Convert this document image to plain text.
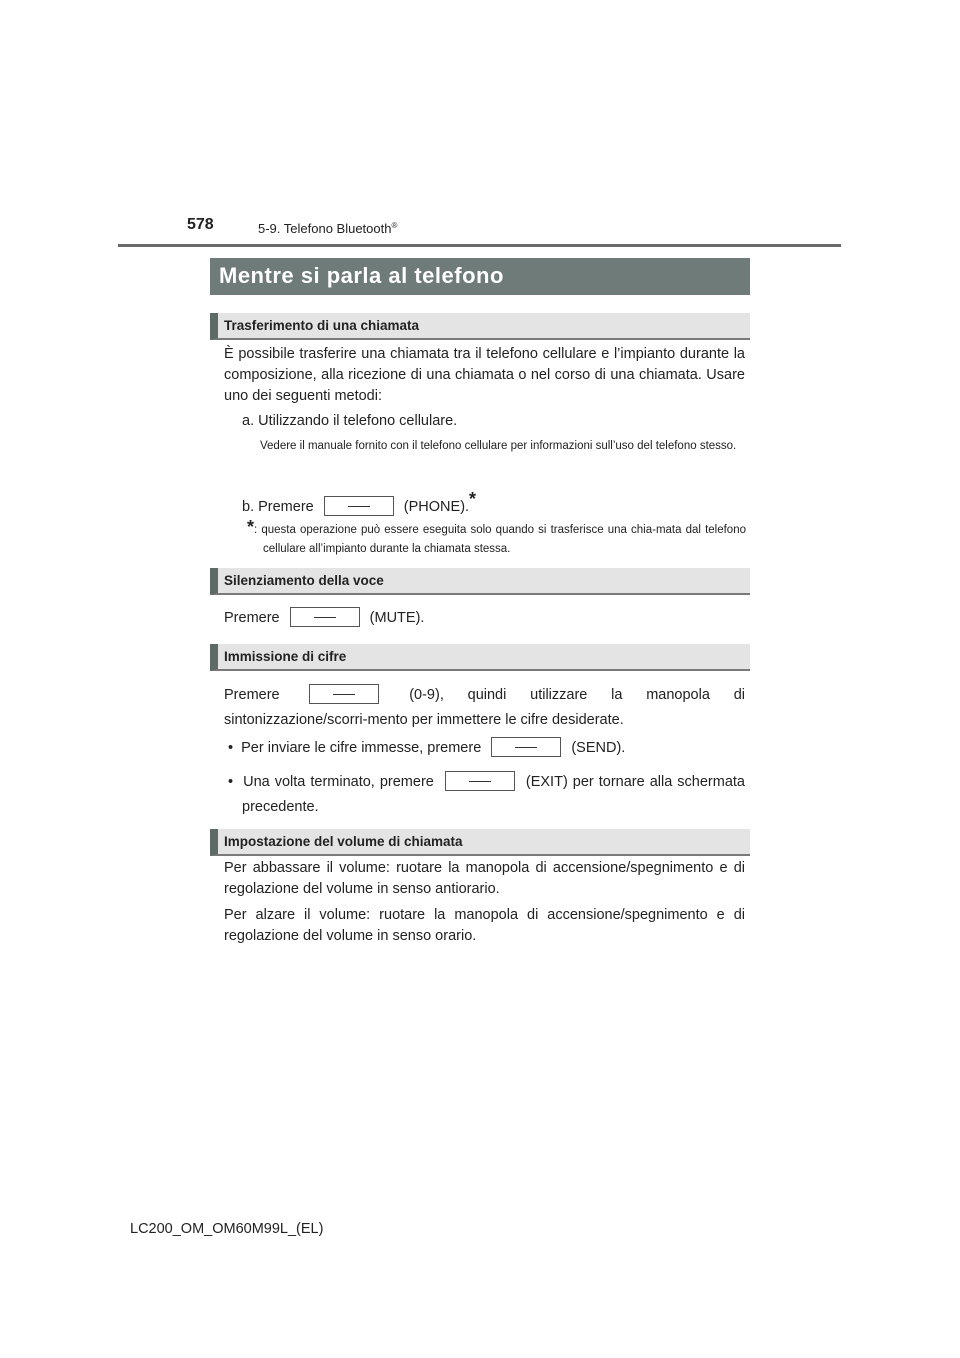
578	5-9. Telefono Bluetooth®
Mentre si parla al telefono
Trasferimento di una chiamata
È possibile trasferire una chiamata tra il telefono cellulare e l’impianto durante la composizione, alla ricezione di una chiamata o nel corso di una chiamata. Usare uno dei seguenti metodi:
a. Utilizzando il telefono cellulare.
Vedere il manuale fornito con il telefono cellulare per informazioni sull’uso del telefono stesso.
b. Premere	(PHONE).*
*: questa operazione può essere eseguita solo quando si trasferisce una chia-mata dal telefono cellulare all’impianto durante la chiamata stessa.
Silenziamento della voce
Premere	(MUTE).
Immissione di cifre
Premere	(0-9), quindi utilizzare la manopola di sintonizzazione/scorri-mento per immettere le cifre desiderate.
•  Per inviare le cifre immesse, premere	(SEND).
•  Una volta terminato, premere	(EXIT) per tornare alla schermata precedente.
Impostazione del volume di chiamata
Per abbassare il volume: ruotare la manopola di accensione/spegnimento e di regolazione del volume in senso antiorario.
Per alzare il volume: ruotare la manopola di accensione/spegnimento e di regolazione del volume in senso orario.
LC200_OM_OM60M99L_(EL)
